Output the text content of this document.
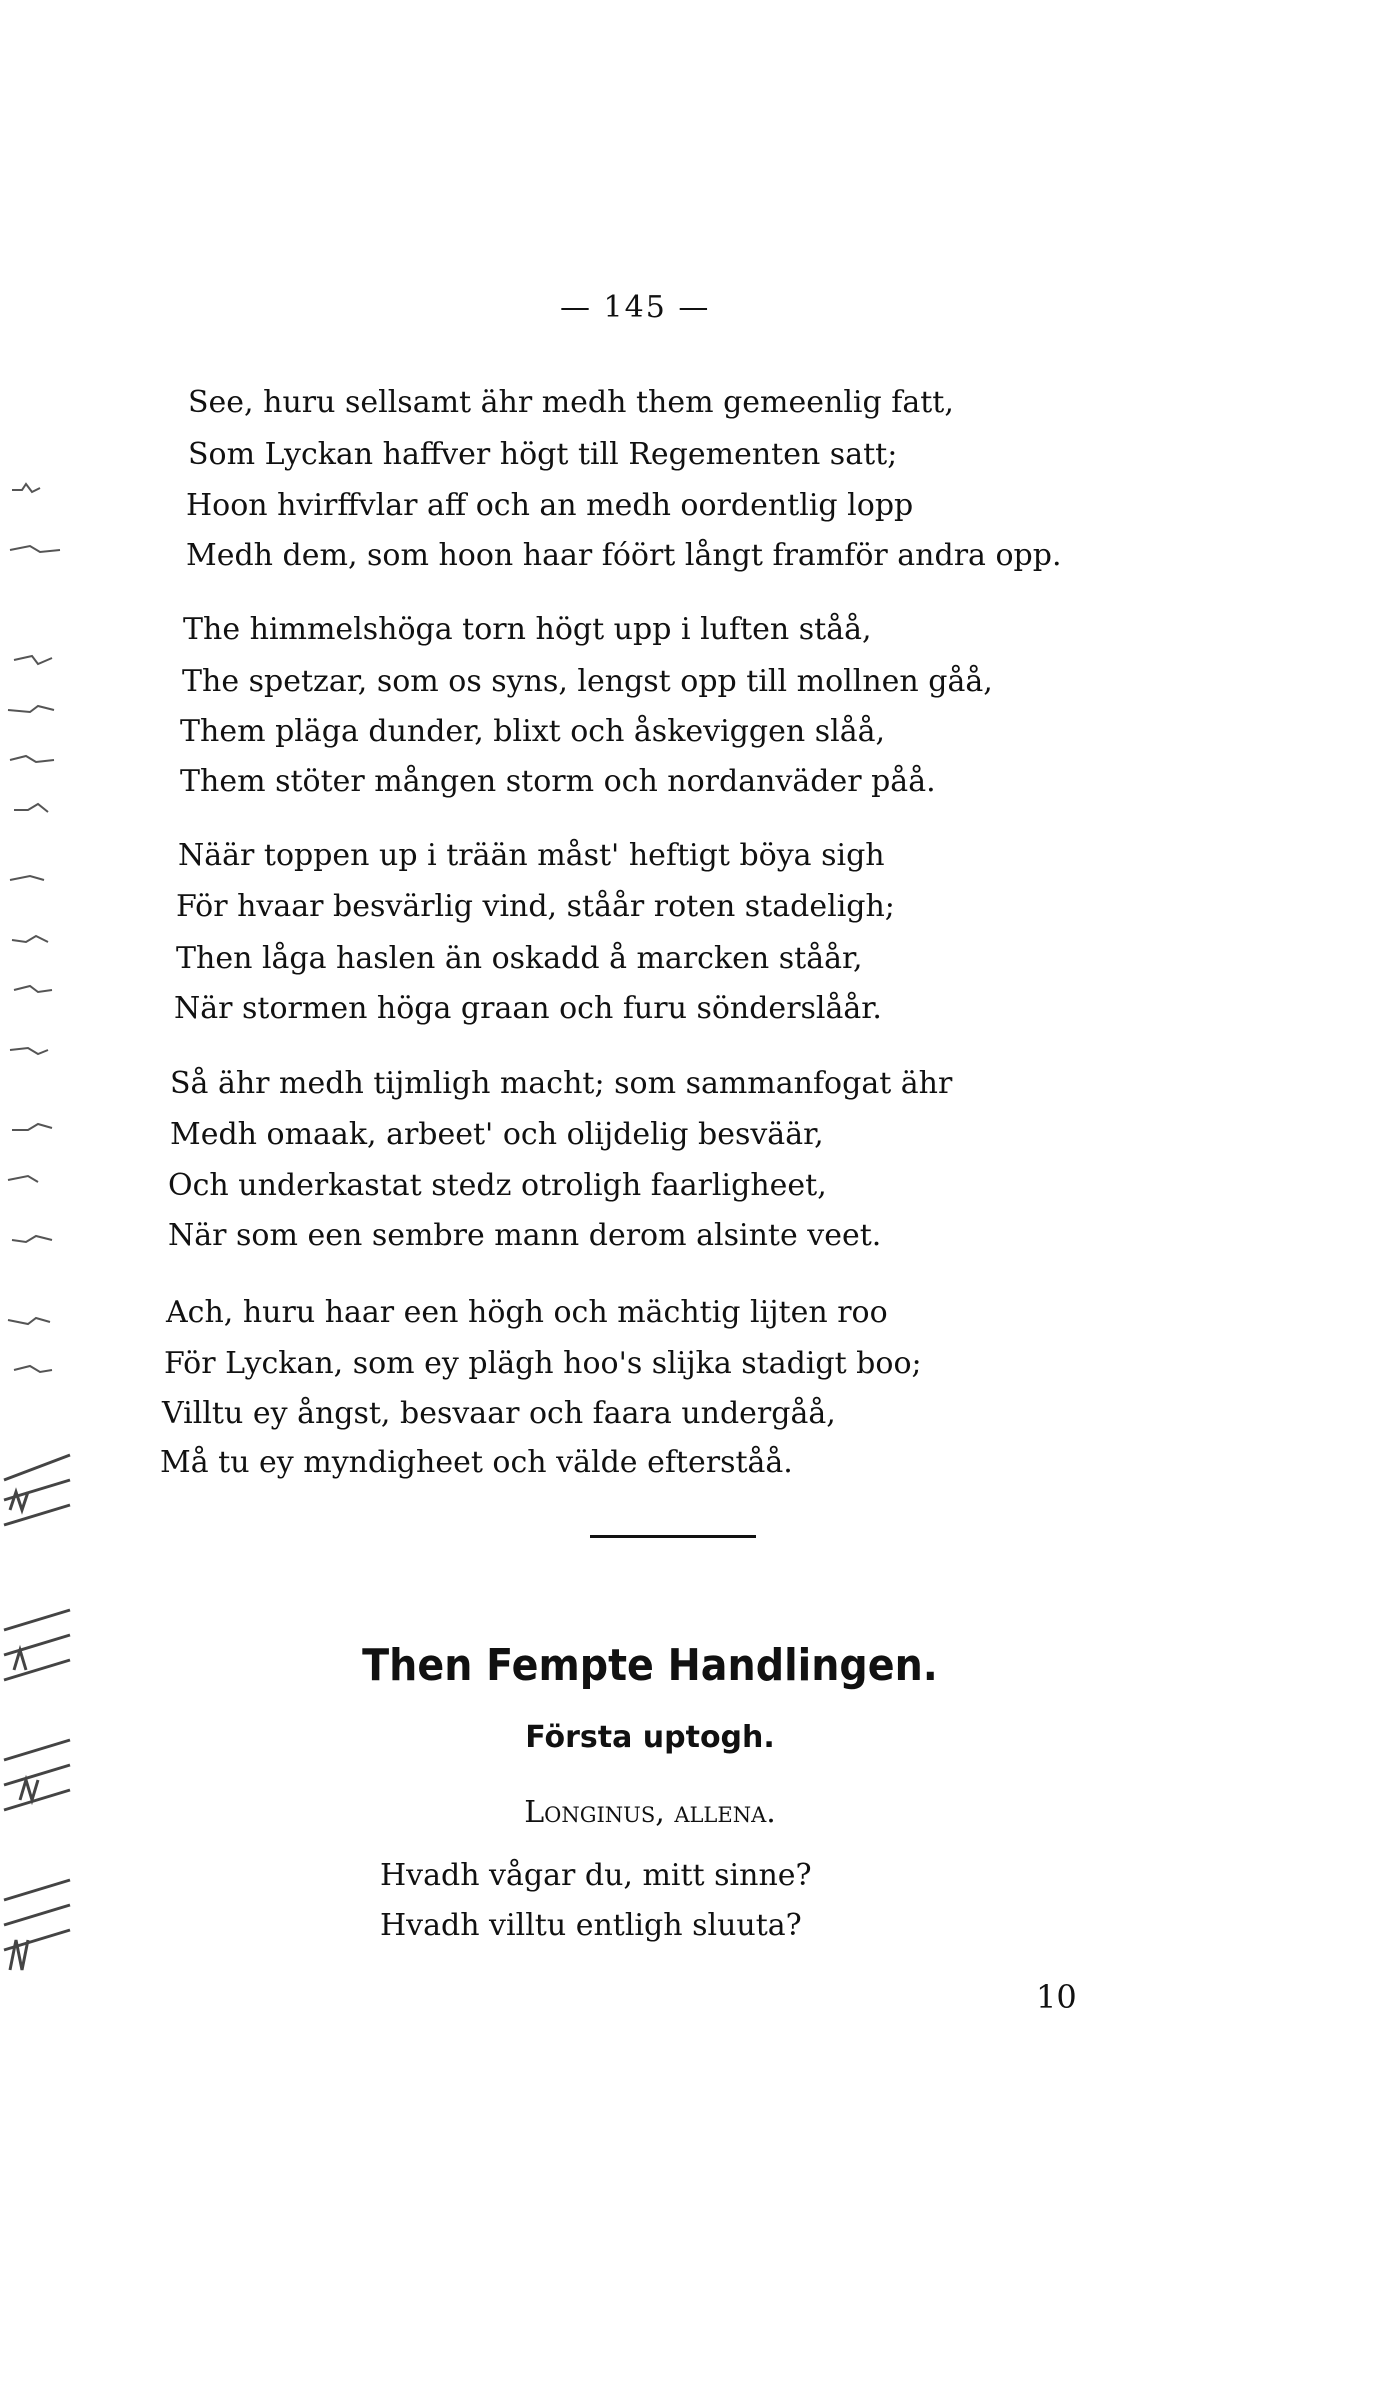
— 145 —
See, huru sellsamt ähr medh them gemeenlig fatt,
Som Lyckan haffver högt till Regementen satt;
Hoon hvirffvlar aff och an medh oordentlig lopp
Medh dem, som hoon haar fóört långt framför andra opp.
The himmelshöga torn högt upp i luften ståå,
The spetzar, som os syns, lengst opp till mollnen gåå,
Them pläga dunder, blixt och åskeviggen slåå,
Them stöter mången storm och nordanväder påå.
Näär toppen up i trään måst' heftigt böya sigh
För hvaar besvärlig vind, ståår roten stadeligh;
Then låga haslen än oskadd å marcken ståår,
När stormen höga graan och furu sönderslåår.
Så ähr medh tijmligh macht; som sammanfogat ähr
Medh omaak, arbeet' och olijdelig besväär,
Och underkastat stedz otroligh faarligheet,
När som een sembre mann derom alsinte veet.
Ach, huru haar een högh och mächtig lijten roo
För Lyckan, som ey plägh hoo's slijka stadigt boo;
Villtu ey ångst, besvaar och faara undergåå,
Må tu ey myndigheet och välde efterståå.
Then Fempte Handlingen.
Första uptogh.
Longinus, allena.
Hvadh vågar du, mitt sinne?
Hvadh villtu entligh sluuta?
10
